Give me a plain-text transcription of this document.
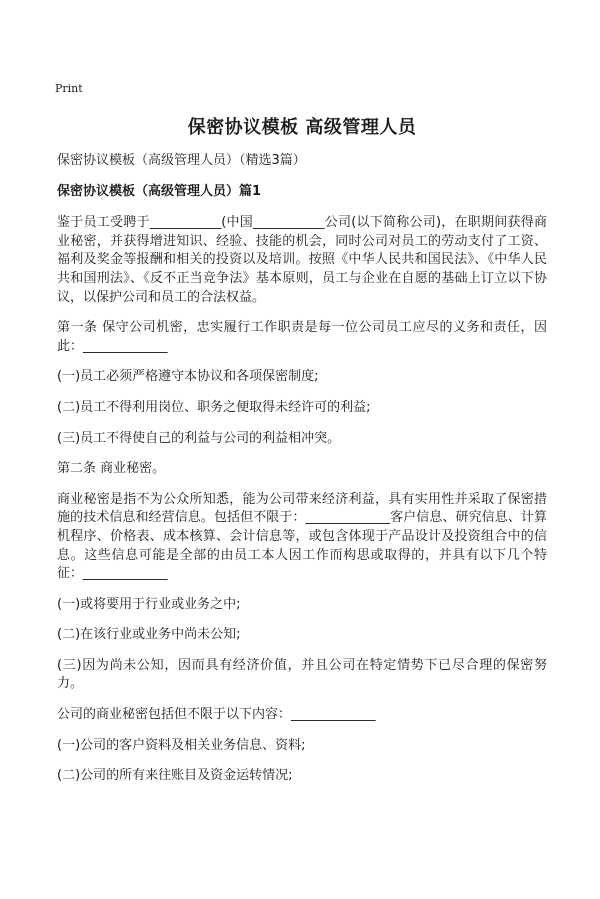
Print
保密协议模板 高级管理人员
保密协议模板（高级管理人员）（精选3篇）
保密协议模板（高级管理人员）篇1
鉴于员工受聘于___________(中国___________公司(以下简称公司)，在职期间获得商业秘密，并获得增进知识、经验、技能的机会，同时公司对员工的劳动支付了工资、福利及奖金等报酬和相关的投资以及培训。按照《中华人民共和国民法》、《中华人民共和国刑法》、《反不正当竞争法》基本原则，员工与企业在自愿的基础上订立以下协议，以保护公司和员工的合法权益。
第一条 保守公司机密，忠实履行工作职责是每一位公司员工应尽的义务和责任，因此：_____________
(一)员工必须严格遵守本协议和各项保密制度;
(二)员工不得利用岗位、职务之便取得未经许可的利益;
(三)员工不得使自己的利益与公司的利益相冲突。
第二条 商业秘密。
商业秘密是指不为公众所知悉，能为公司带来经济利益，具有实用性并采取了保密措施的技术信息和经营信息。包括但不限于：_____________客户信息、研究信息、计算机程序、价格表、成本核算、会计信息等，或包含体现于产品设计及投资组合中的信息。这些信息可能是全部的由员工本人因工作而构思或取得的，并具有以下几个特征：_____________
(一)或将要用于行业或业务之中;
(二)在该行业或业务中尚未公知;
(三)因为尚未公知，因而具有经济价值，并且公司在特定情势下已尽合理的保密努力。
公司的商业秘密包括但不限于以下内容：_____________
(一)公司的客户资料及相关业务信息、资料;
(二)公司的所有来往账目及资金运转情况;
